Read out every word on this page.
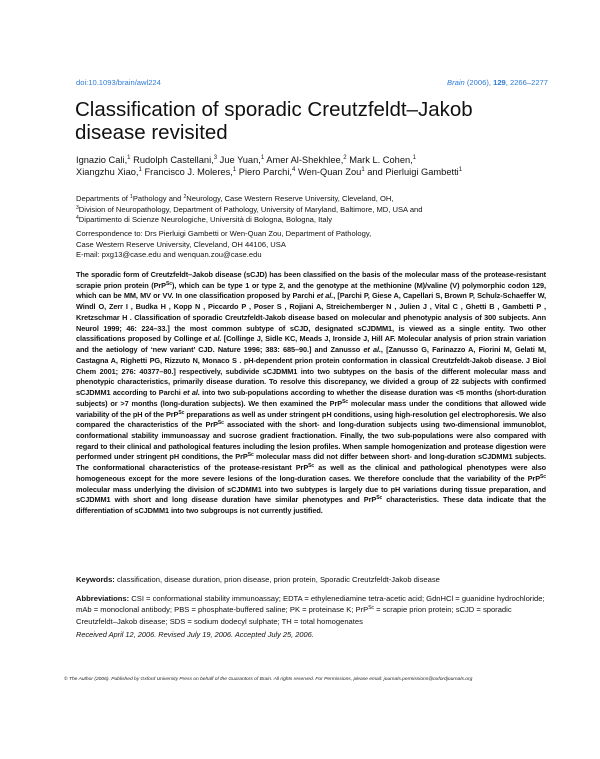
doi:10.1093/brain/awl224	Brain (2006), 129, 2266–2277
Classification of sporadic Creutzfeldt–Jakob
disease revisited
Ignazio Cali,$^1$ Rudolph Castellani,$^3$ Jue Yuan,$^1$ Amer Al-Shekhlee,$^2$ Mark L. Cohen,$^1$
Xiangzhu Xiao,$^1$ Francisco J. Moleres,$^1$ Piero Parchi,$^4$ Wen-Quan Zou$^1$ and Pierluigi Gambetti$^1$
Departments of $^1$Pathology and $^2$Neurology, Case Western Reserve University, Cleveland, OH,
$^3$Division of Neuropathology, Department of Pathology, University of Maryland, Baltimore, MD, USA and
$^4$Dipartimento di Scienze Neurologiche, Università di Bologna, Bologna, Italy
Correspondence to: Drs Pierluigi Gambetti or Wen-Quan Zou, Department of Pathology,
Case Western Reserve University, Cleveland, OH 44106, USA
E-mail: pxg13@case.edu and wenquan.zou@case.edu
The sporadic form of Creutzfeldt–Jakob disease (sCJD) has been classified on the basis of the molecular mass of the protease-resistant scrapie prion protein (PrP$^{Sc}$), which can be type 1 or type 2, and the genotype at the methionine (M)/valine (V) polymorphic codon 129, which can be MM, MV or VV. In one classification proposed by Parchi et al., [Parchi P, Giese A, Capellari S, Brown P, Schulz-Schaeffer W, Windl O, Zerr I , Budka H , Kopp N , Piccardo P , Poser S , Rojiani A, Streichemberger N , Julien J , Vital C , Ghetti B , Gambetti P , Kretzschmar H . Classification of sporadic Creutzfeldt-Jakob disease based on molecular and phenotypic analysis of 300 subjects. Ann Neurol 1999; 46: 224–33.] the most common subtype of sCJD, designated sCJDMM1, is viewed as a single entity. Two other classifications proposed by Collinge et al. [Collinge J, Sidle KC, Meads J, Ironside J, Hill AF. Molecular analysis of prion strain variation and the aetiology of ‘new variant’ CJD. Nature 1996; 383: 685–90.] and Zanusso et al., [Zanusso G, Farinazzo A, Fiorini M, Gelati M, Castagna A, Righetti PG, Rizzuto N, Monaco S . pH-dependent prion protein conformation in classical Creutzfeldt-Jakob disease. J Biol Chem 2001; 276: 40377–80.] respectively, subdivide sCJDMM1 into two subtypes on the basis of the different molecular mass and phenotypic characteristics, primarily disease duration. To resolve this discrepancy, we divided a group of 22 subjects with confirmed sCJDMM1 according to Parchi et al. into two sub-populations according to whether the disease duration was <5 months (short-duration subjects) or >7 months (long-duration subjects). We then examined the PrP$^{Sc}$ molecular mass under the conditions that allowed wide variability of the pH of the PrP$^{Sc}$ preparations as well as under stringent pH conditions, using high-resolution gel electrophoresis. We also compared the characteristics of the PrP$^{Sc}$ associated with the short- and long-duration subjects using two-dimensional immunoblot, conformational stability immunoassay and sucrose gradient fractionation. Finally, the two sub-populations were also compared with regard to their clinical and pathological features including the lesion profiles. When sample homogenization and protease digestion were performed under stringent pH conditions, the PrP$^{Sc}$ molecular mass did not differ between short- and long-duration sCJDMM1 subjects. The conformational characteristics of the protease-resistant PrP$^{Sc}$ as well as the clinical and pathological phenotypes were also homogeneous except for the more severe lesions of the long-duration cases. We therefore conclude that the variability of the PrP$^{Sc}$ molecular mass underlying the division of sCJDMM1 into two subtypes is largely due to pH variations during tissue preparation, and sCJDMM1 with short and long disease duration have similar phenotypes and PrP$^{Sc}$ characteristics. These data indicate that the differentiation of sCJDMM1 into two subgroups is not currently justified.
Keywords: classification, disease duration, prion disease, prion protein, Sporadic Creutzfeldt-Jakob disease
Abbreviations: CSI = conformational stability immunoassay; EDTA = ethylenediamine tetra-acetic acid; GdnHCl = guanidine hydrochloride; mAb = monoclonal antibody; PBS = phosphate-buffered saline; PK = proteinase K; PrP$^{Sc}$ = scrapie prion protein; sCJD = sporadic Creutzfeldt–Jakob disease; SDS = sodium dodecyl sulphate; TH = total homogenates
Received April 12, 2006. Revised July 19, 2006. Accepted July 25, 2006.
© The Author (2006). Published by Oxford University Press on behalf of the Guarantors of Brain. All rights reserved. For Permissions, please email: journals.permissions@oxfordjournals.org
